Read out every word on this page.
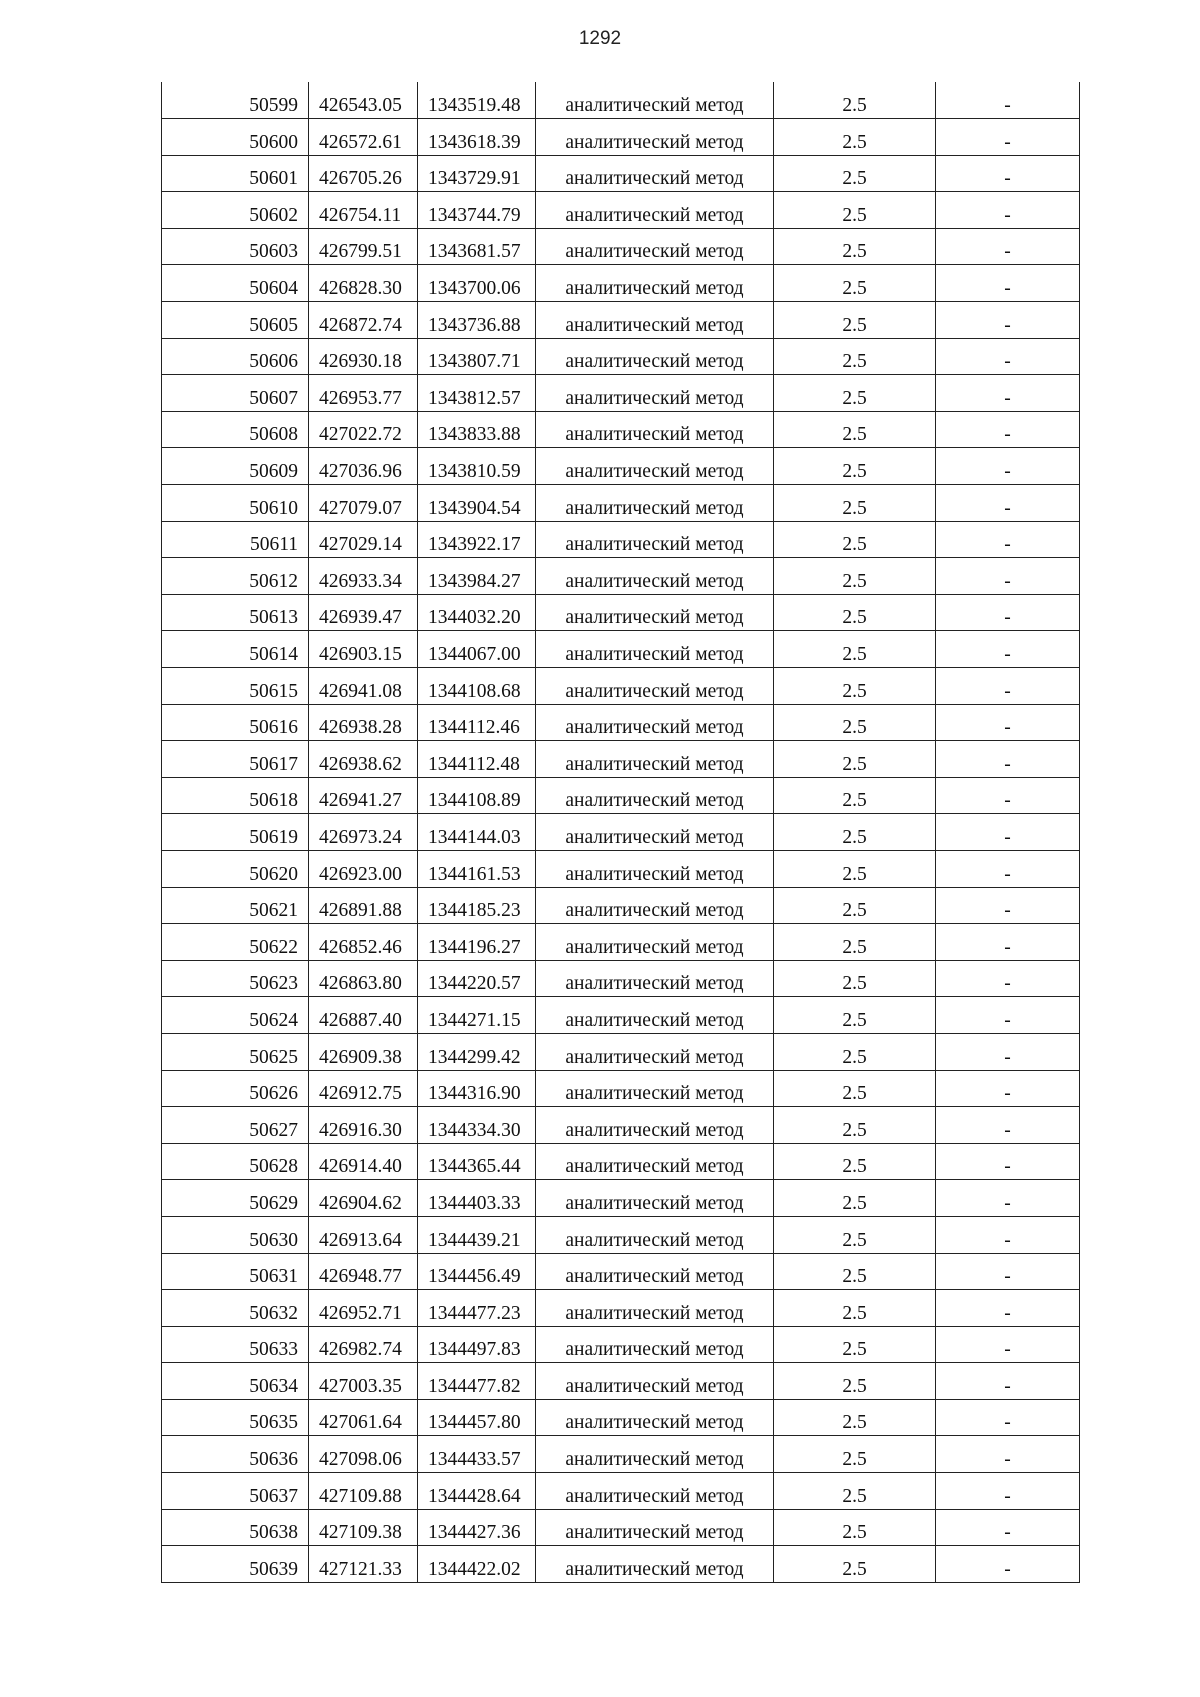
1292
50599	426543.05	1343519.48	аналитический метод	2.5	-
50600	426572.61	1343618.39	аналитический метод	2.5	-
50601	426705.26	1343729.91	аналитический метод	2.5	-
50602	426754.11	1343744.79	аналитический метод	2.5	-
50603	426799.51	1343681.57	аналитический метод	2.5	-
50604	426828.30	1343700.06	аналитический метод	2.5	-
50605	426872.74	1343736.88	аналитический метод	2.5	-
50606	426930.18	1343807.71	аналитический метод	2.5	-
50607	426953.77	1343812.57	аналитический метод	2.5	-
50608	427022.72	1343833.88	аналитический метод	2.5	-
50609	427036.96	1343810.59	аналитический метод	2.5	-
50610	427079.07	1343904.54	аналитический метод	2.5	-
50611	427029.14	1343922.17	аналитический метод	2.5	-
50612	426933.34	1343984.27	аналитический метод	2.5	-
50613	426939.47	1344032.20	аналитический метод	2.5	-
50614	426903.15	1344067.00	аналитический метод	2.5	-
50615	426941.08	1344108.68	аналитический метод	2.5	-
50616	426938.28	1344112.46	аналитический метод	2.5	-
50617	426938.62	1344112.48	аналитический метод	2.5	-
50618	426941.27	1344108.89	аналитический метод	2.5	-
50619	426973.24	1344144.03	аналитический метод	2.5	-
50620	426923.00	1344161.53	аналитический метод	2.5	-
50621	426891.88	1344185.23	аналитический метод	2.5	-
50622	426852.46	1344196.27	аналитический метод	2.5	-
50623	426863.80	1344220.57	аналитический метод	2.5	-
50624	426887.40	1344271.15	аналитический метод	2.5	-
50625	426909.38	1344299.42	аналитический метод	2.5	-
50626	426912.75	1344316.90	аналитический метод	2.5	-
50627	426916.30	1344334.30	аналитический метод	2.5	-
50628	426914.40	1344365.44	аналитический метод	2.5	-
50629	426904.62	1344403.33	аналитический метод	2.5	-
50630	426913.64	1344439.21	аналитический метод	2.5	-
50631	426948.77	1344456.49	аналитический метод	2.5	-
50632	426952.71	1344477.23	аналитический метод	2.5	-
50633	426982.74	1344497.83	аналитический метод	2.5	-
50634	427003.35	1344477.82	аналитический метод	2.5	-
50635	427061.64	1344457.80	аналитический метод	2.5	-
50636	427098.06	1344433.57	аналитический метод	2.5	-
50637	427109.88	1344428.64	аналитический метод	2.5	-
50638	427109.38	1344427.36	аналитический метод	2.5	-
50639	427121.33	1344422.02	аналитический метод	2.5	-
